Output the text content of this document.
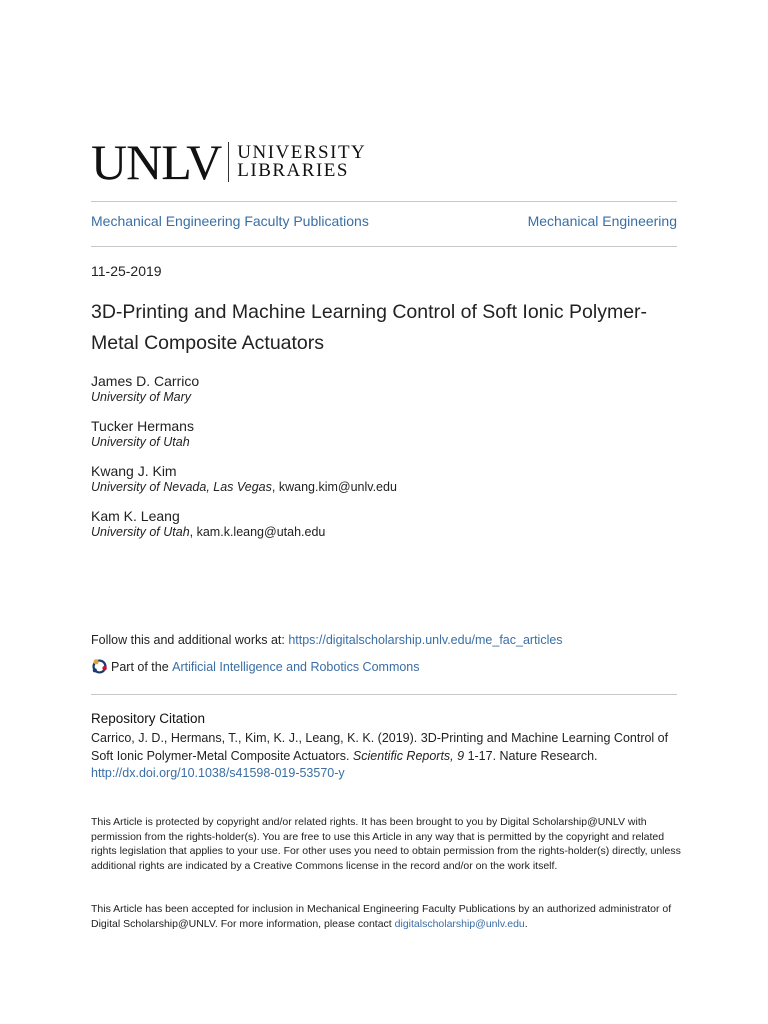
UNLV UNIVERSITY
LIBRARIES
Mechanical Engineering Faculty Publications	Mechanical Engineering
11-25-2019
3D-Printing and Machine Learning Control of Soft Ionic Polymer-Metal Composite Actuators
James D. Carrico
University of Mary
Tucker Hermans
University of Utah
Kwang J. Kim
University of Nevada, Las Vegas, kwang.kim@unlv.edu
Kam K. Leang
University of Utah, kam.k.leang@utah.edu
Follow this and additional works at: https://digitalscholarship.unlv.edu/me_fac_articles
Part of the
Artificial Intelligence and Robotics Commons
Repository Citation
Carrico, J. D., Hermans, T., Kim, K. J., Leang, K. K. (2019). 3D-Printing and Machine Learning Control of Soft Ionic Polymer-Metal Composite Actuators. Scientific Reports, 9 1-17. Nature Research.
http://dx.doi.org/10.1038/s41598-019-53570-y

This Article is protected by copyright and/or related rights. It has been brought to you by Digital Scholarship@UNLV with permission from the rights-holder(s). You are free to use this Article in any way that is permitted by the copyright and related rights legislation that applies to your use. For other uses you need to obtain permission from the rights-holder(s) directly, unless additional rights are indicated by a Creative Commons license in the record and/or on the work itself.

This Article has been accepted for inclusion in Mechanical Engineering Faculty Publications by an authorized administrator of Digital Scholarship@UNLV. For more information, please contact digitalscholarship@unlv.edu.
